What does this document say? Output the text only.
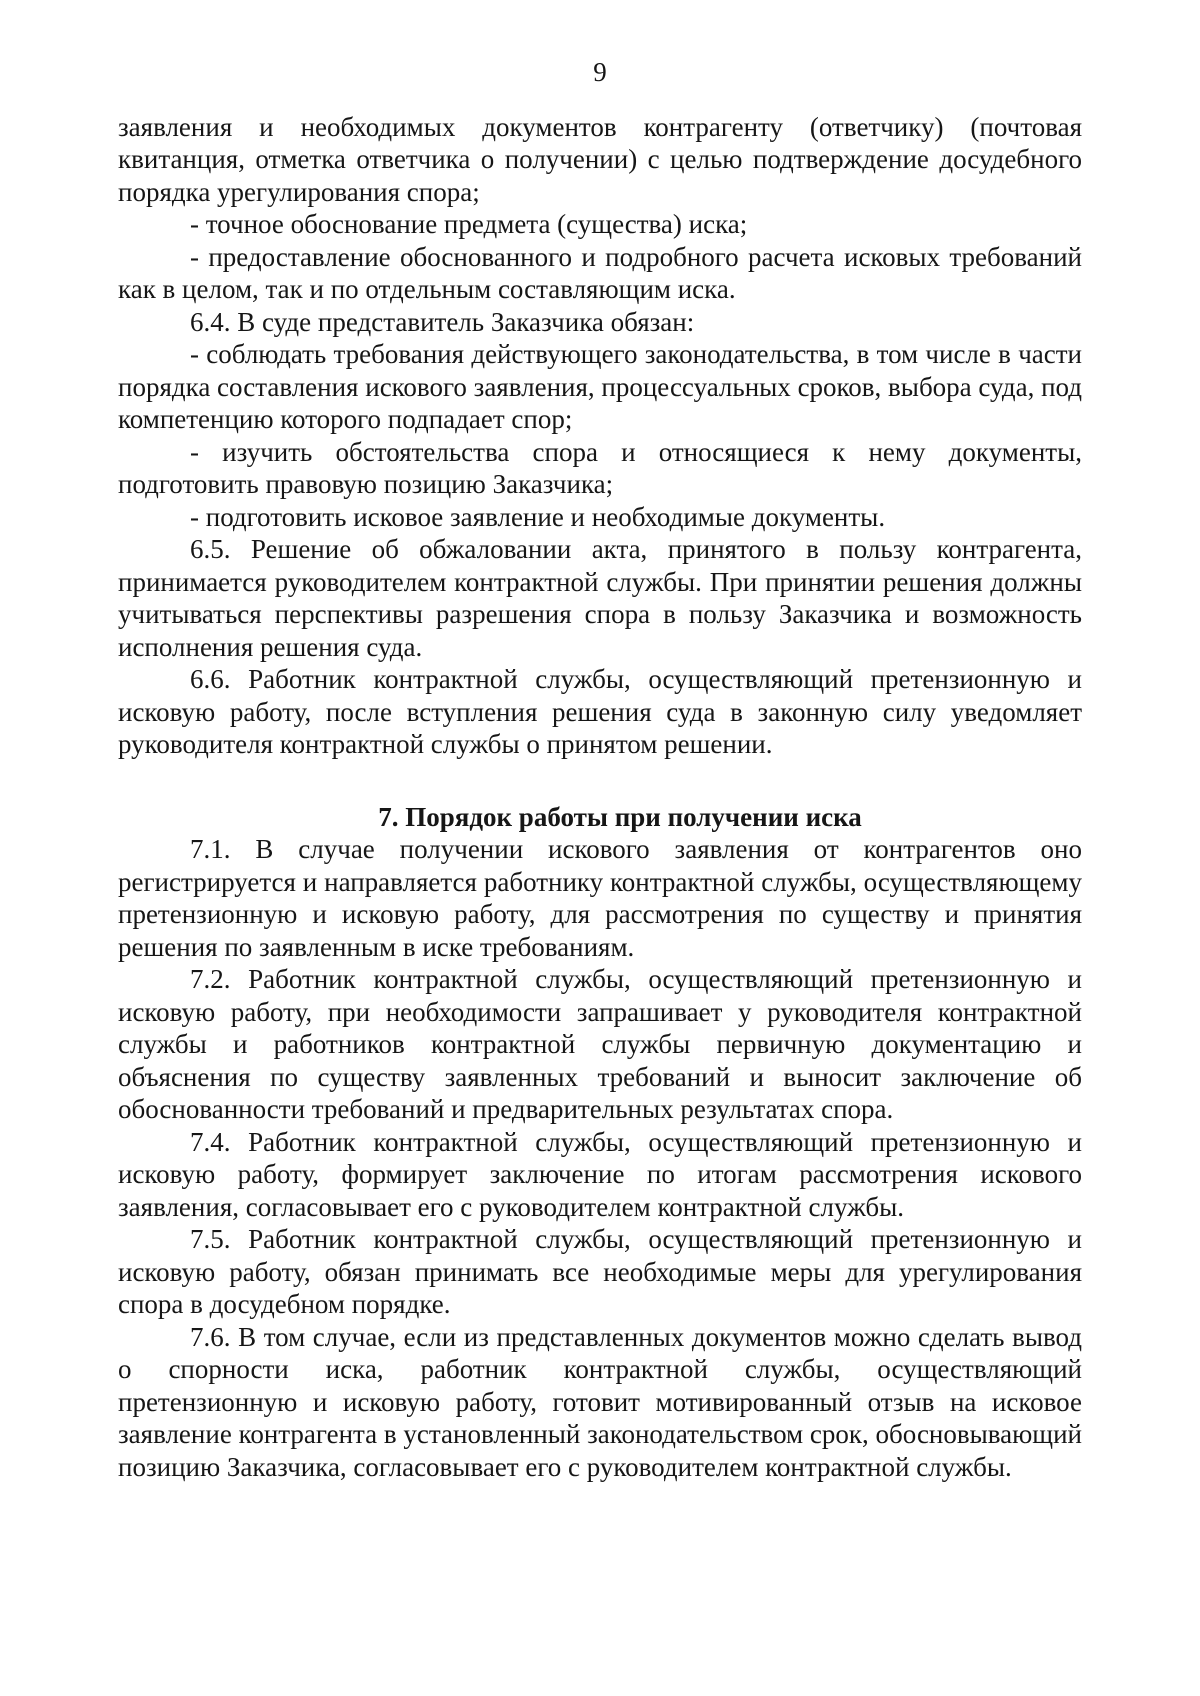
9

заявления и необходимых документов контрагенту (ответчику) (почтовая квитанция, отметка ответчика о получении) с целью подтверждение досудебного порядка урегулирования спора;

- точное обоснование предмета (существа) иска;

- предоставление обоснованного и подробного расчета исковых требований как в целом, так и по отдельным составляющим иска.

6.4. В суде представитель Заказчика обязан:

- соблюдать требования действующего законодательства, в том числе в части порядка составления искового заявления, процессуальных сроков, выбора суда, под компетенцию которого подпадает спор;

- изучить обстоятельства спора и относящиеся к нему документы, подготовить правовую позицию Заказчика;

- подготовить исковое заявление и необходимые документы.

6.5. Решение об обжаловании акта, принятого в пользу контрагента, принимается руководителем контрактной службы. При принятии решения должны учитываться перспективы разрешения спора в пользу Заказчика и возможность исполнения решения суда.

6.6. Работник контрактной службы, осуществляющий претензионную и исковую работу, после вступления решения суда в законную силу уведомляет руководителя контрактной службы о принятом решении.

7. Порядок работы при получении иска

7.1. В случае получении искового заявления от контрагентов оно регистрируется и направляется работнику контрактной службы, осуществляющему претензионную и исковую работу, для рассмотрения по существу и принятия решения по заявленным в иске требованиям.

7.2. Работник контрактной службы, осуществляющий претензионную и исковую работу, при необходимости запрашивает у руководителя контрактной службы и работников контрактной службы первичную документацию и объяснения по существу заявленных требований и выносит заключение об обоснованности требований и предварительных результатах спора.

7.4. Работник контрактной службы, осуществляющий претензионную и исковую работу, формирует заключение по итогам рассмотрения искового заявления, согласовывает его с руководителем контрактной службы.

7.5. Работник контрактной службы, осуществляющий претензионную и исковую работу, обязан принимать все необходимые меры для урегулирования спора в досудебном порядке.

7.6. В том случае, если из представленных документов можно сделать вывод о спорности иска, работник контрактной службы, осуществляющий претензионную и исковую работу, готовит мотивированный отзыв на исковое заявление контрагента в установленный законодательством срок, обосновывающий позицию Заказчика, согласовывает его с руководителем контрактной службы.
